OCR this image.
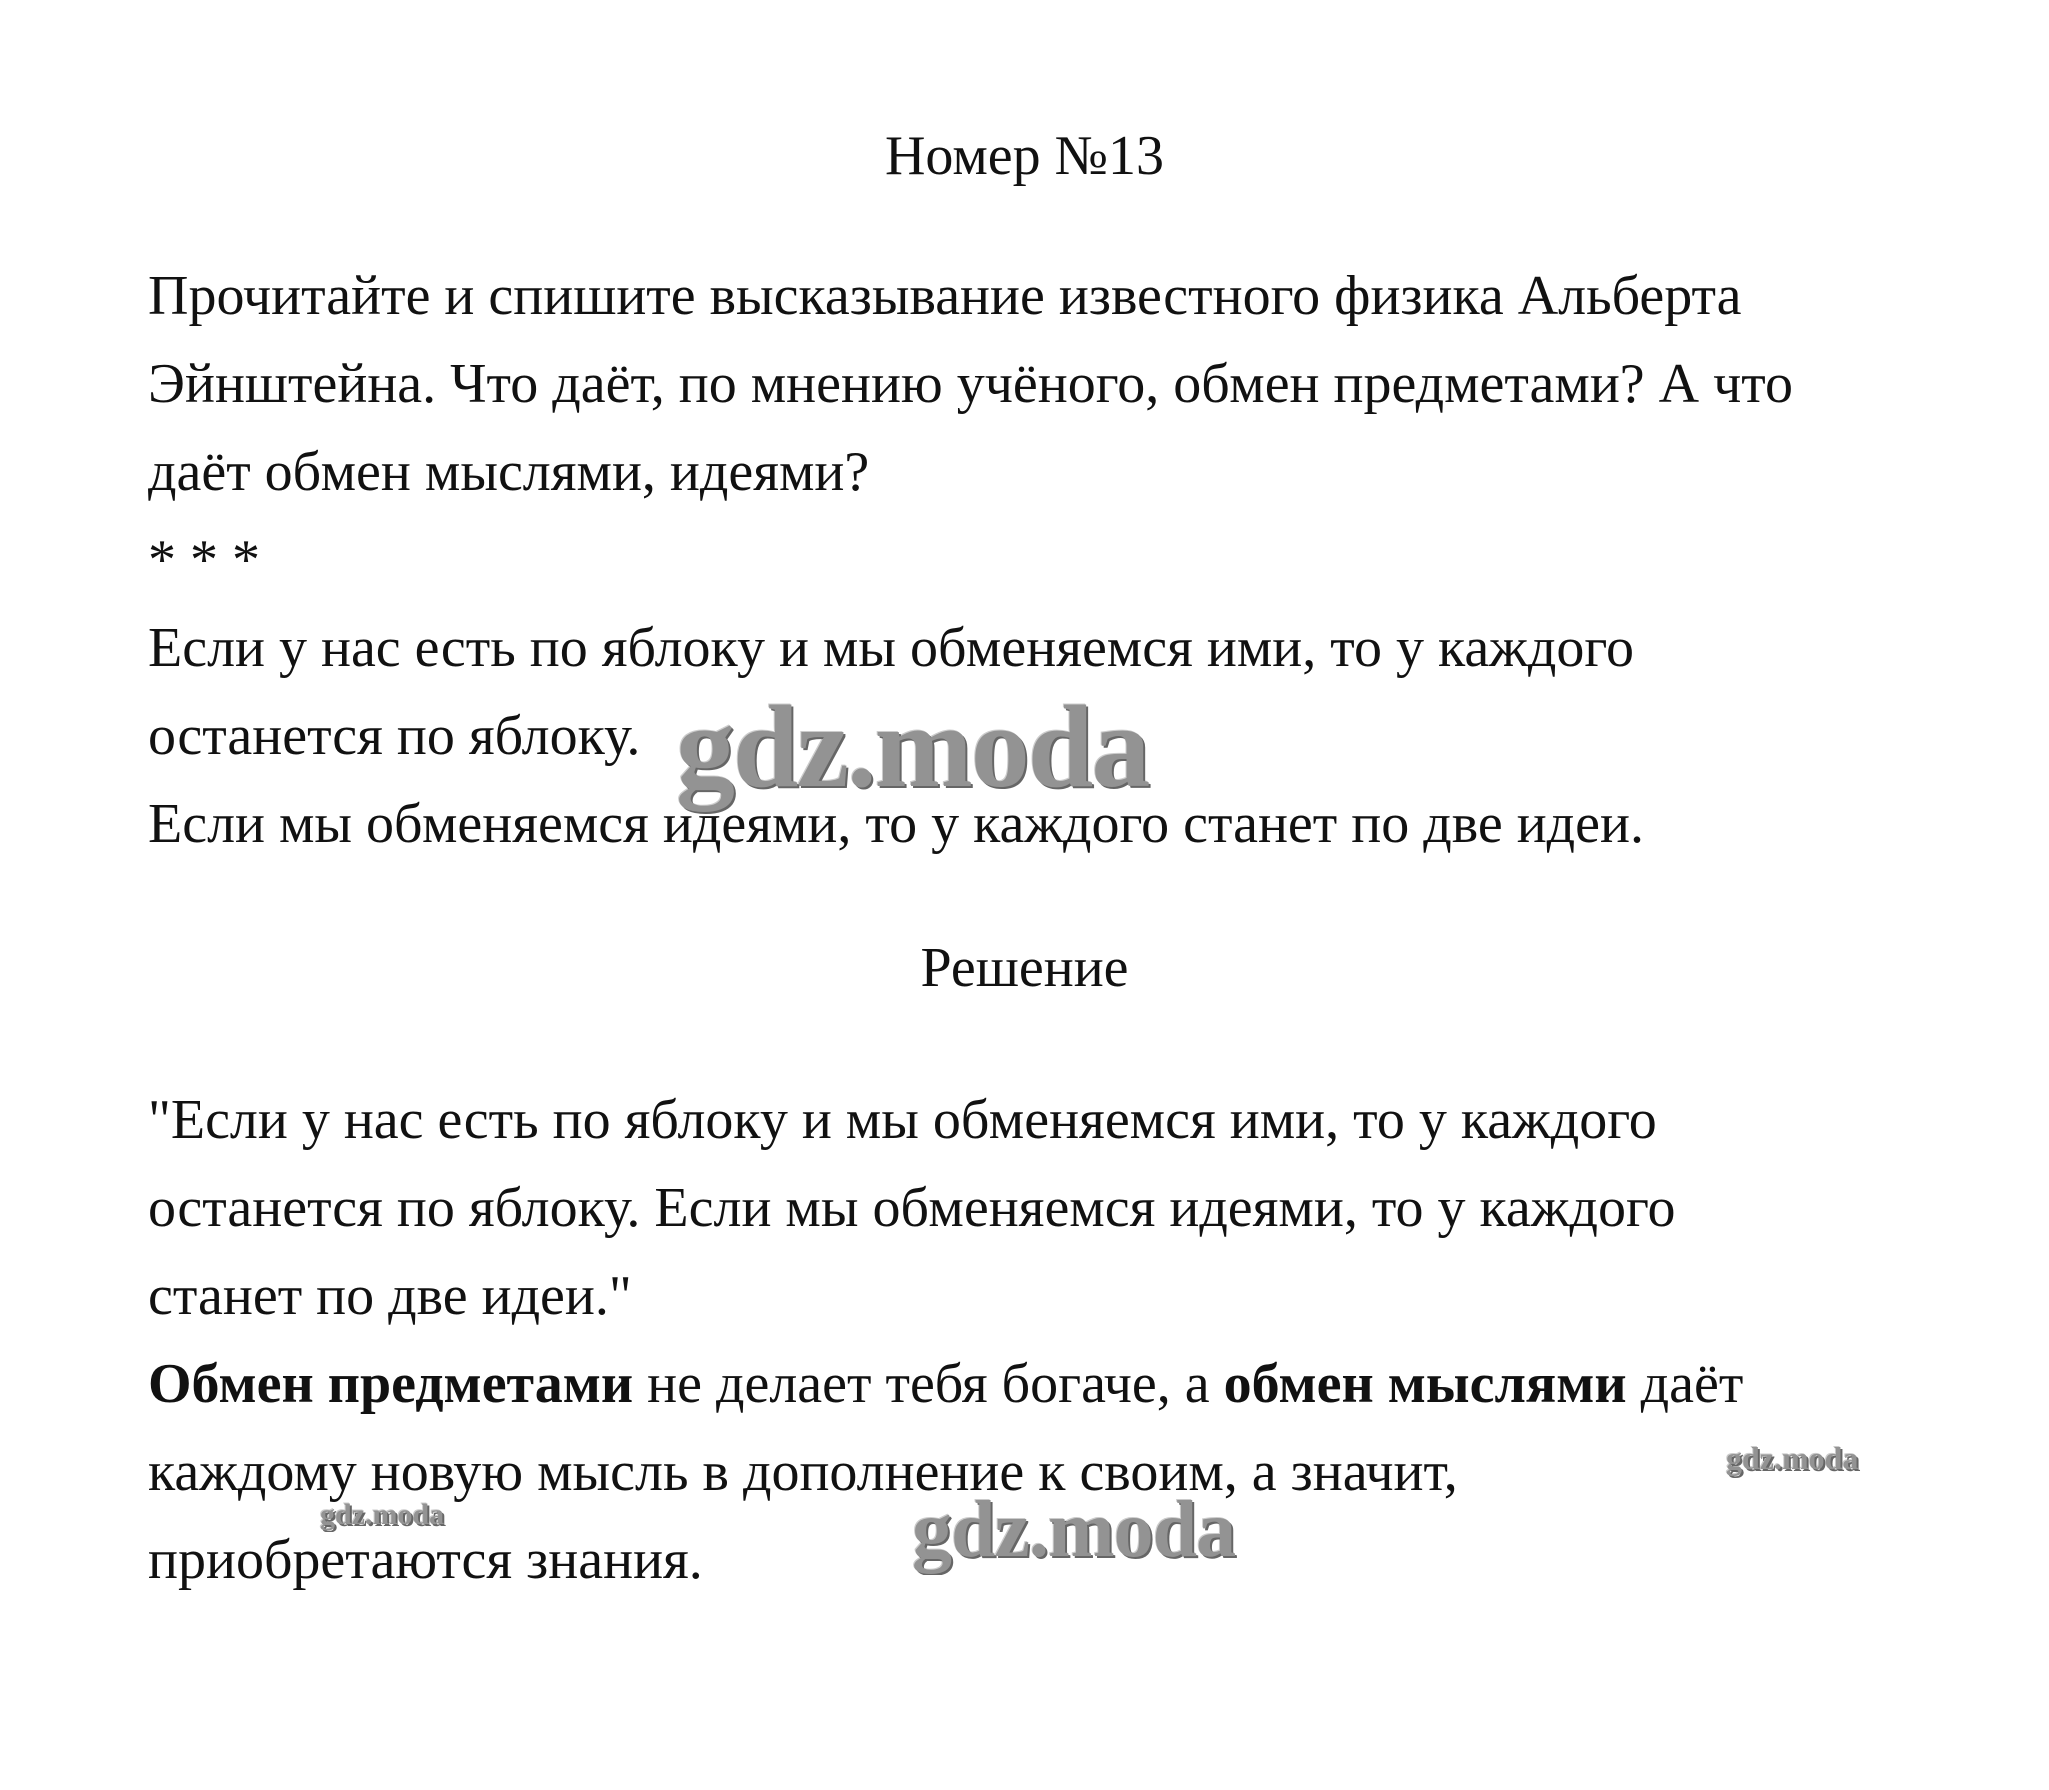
Номер №13
Прочитайте и спишите высказывание известного физика Альберта
Эйнштейна. Что даёт, по мнению учёного, обмен предметами? А что
даёт обмен мыслями, идеями?
* * *
Если у нас есть по яблоку и мы обменяемся ими, то у каждого
останется по яблоку.
Если мы обменяемся идеями, то у каждого станет по две идеи.
Решение
"Если у нас есть по яблоку и мы обменяемся ими, то у каждого
останется по яблоку. Если мы обменяемся идеями, то у каждого
станет по две идеи."
Обмен предметами не делает тебя богаче, а обмен мыслями даёт
каждому новую мысль в дополнение к своим, а значит,
приобретаются знания.
gdz.moda
gdz.moda
gdz.moda
gdz.moda
